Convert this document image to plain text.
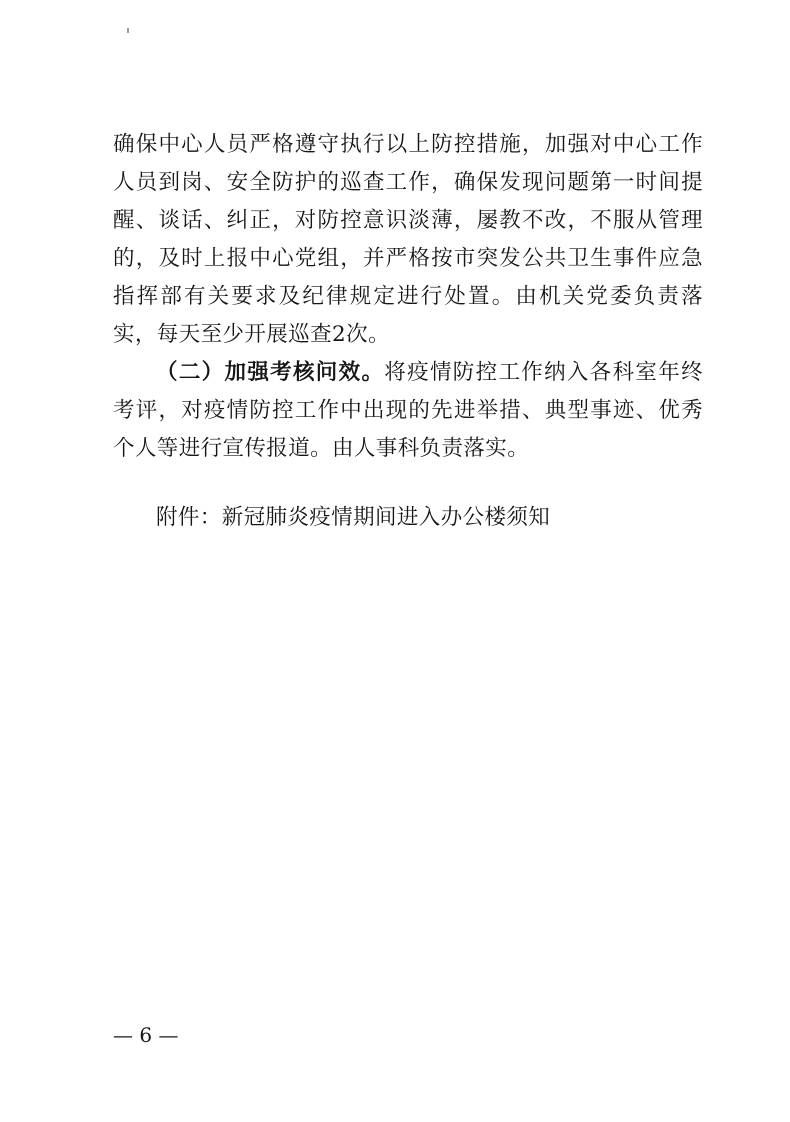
确保中心人员严格遵守执行以上防控措施，加强对中心工作人员到岗、安全防护的巡查工作，确保发现问题第一时间提醒、谈话、纠正，对防控意识淡薄，屡教不改，不服从管理的，及时上报中心党组，并严格按市突发公共卫生事件应急指挥部有关要求及纪律规定进行处置。由机关党委负责落实，每天至少开展巡查2次。

（二）加强考核问效。将疫情防控工作纳入各科室年终考评，对疫情防控工作中出现的先进举措、典型事迹、优秀个人等进行宣传报道。由人事科负责落实。

附件：新冠肺炎疫情期间进入办公楼须知
— 6 —
